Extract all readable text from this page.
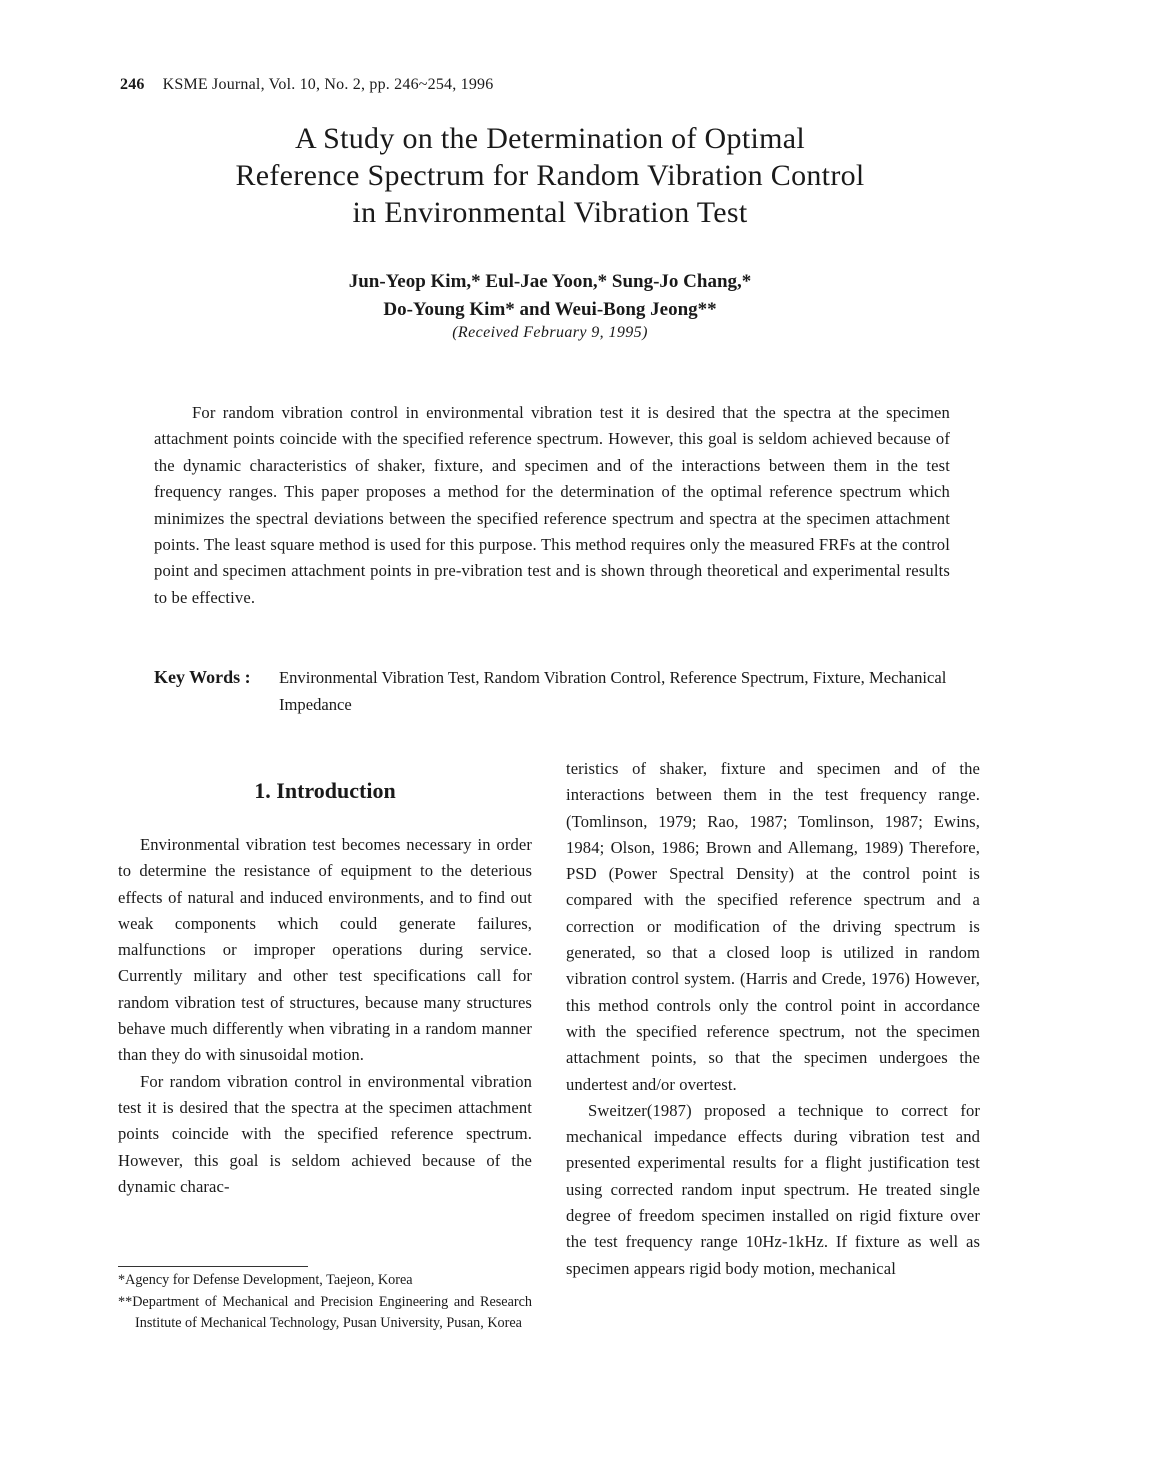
246 KSME Journal, Vol. 10, No. 2, pp. 246~254, 1996
A Study on the Determination of Optimal
Reference Spectrum for Random Vibration Control
in Environmental Vibration Test
Jun-Yeop Kim,* Eul-Jae Yoon,* Sung-Jo Chang,*
Do-Young Kim* and Weui-Bong Jeong**
(Received February 9, 1995)

For random vibration control in environmental vibration test it is desired that the spectra at the specimen attachment points coincide with the specified reference spectrum. However, this goal is seldom achieved because of the dynamic characteristics of shaker, fixture, and specimen and of the interactions between them in the test frequency ranges. This paper proposes a method for the determination of the optimal reference spectrum which minimizes the spectral deviations between the specified reference spectrum and spectra at the specimen attachment points. The least square method is used for this purpose. This method requires only the measured FRFs at the control point and specimen attachment points in pre-vibration test and is shown through theoretical and experimental results to be effective.

Key Words : Environmental Vibration Test, Random Vibration Control, Reference Spectrum, Fixture, Mechanical Impedance
1. Introduction

Environmental vibration test becomes necessary in order to determine the resistance of equipment to the deterious effects of natural and induced environments, and to find out weak components which could generate failures, malfunctions or improper operations during service. Currently military and other test specifications call for random vibration test of structures, because many structures behave much differently when vibrating in a random manner than they do with sinusoidal motion.

For random vibration control in environmental vibration test it is desired that the spectra at the specimen attachment points coincide with the specified reference spectrum. However, this goal is seldom achieved because of the dynamic charac-

teristics of shaker, fixture and specimen and of the interactions between them in the test frequency range. (Tomlinson, 1979; Rao, 1987; Tomlinson, 1987; Ewins, 1984; Olson, 1986; Brown and Allemang, 1989) Therefore, PSD (Power Spectral Density) at the control point is compared with the specified reference spectrum and a correction or modification of the driving spectrum is generated, so that a closed loop is utilized in random vibration control system. (Harris and Crede, 1976) However, this method controls only the control point in accordance with the specified reference spectrum, not the specimen attachment points, so that the specimen undergoes the undertest and/or overtest.

Sweitzer(1987) proposed a technique to correct for mechanical impedance effects during vibration test and presented experimental results for a flight justification test using corrected random input spectrum. He treated single degree of freedom specimen installed on rigid fixture over the test frequency range 10Hz-1kHz. If fixture as well as specimen appears rigid body motion, mechanical

*Agency for Defense Development, Taejeon, Korea
**Department of Mechanical and Precision Engineering and Research Institute of Mechanical Technology, Pusan University, Pusan, Korea
